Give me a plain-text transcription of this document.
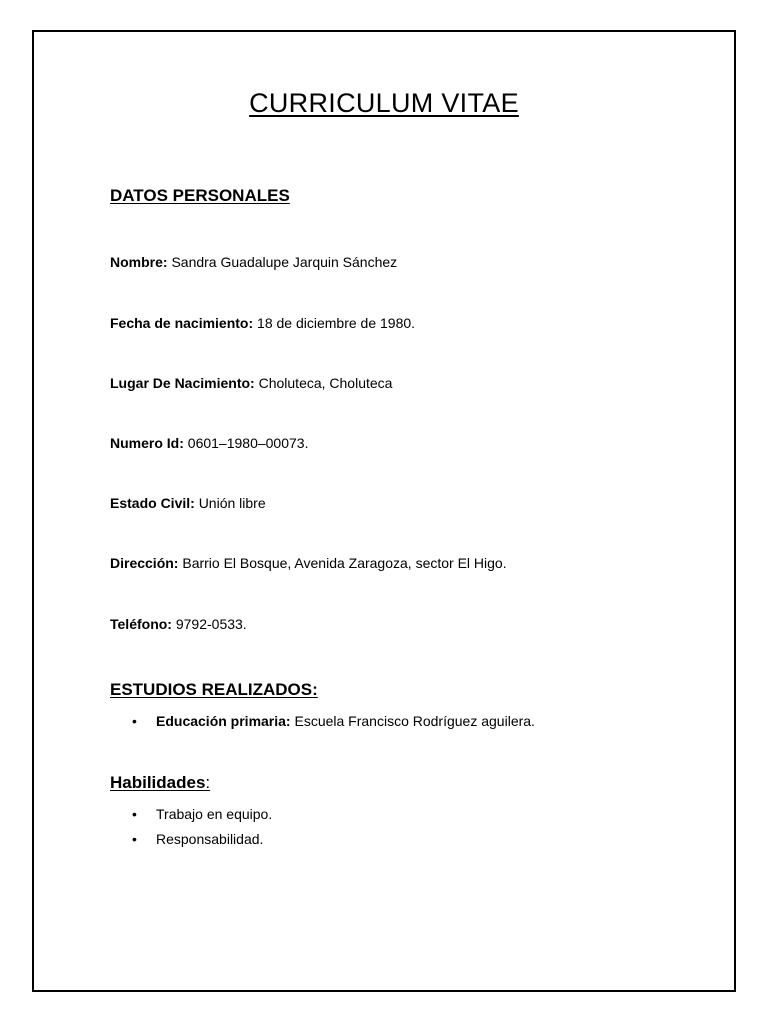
CURRICULUM VITAE
DATOS PERSONALES
Nombre: Sandra Guadalupe Jarquin Sánchez
Fecha de nacimiento: 18 de diciembre de 1980.
Lugar De Nacimiento: Choluteca, Choluteca
Numero Id: 0601–1980–00073.
Estado Civil: Unión libre
Dirección: Barrio El Bosque, Avenida Zaragoza, sector El Higo.
Teléfono: 9792-0533.
ESTUDIOS REALIZADOS:
• Educación primaria: Escuela Francisco Rodríguez aguilera.
Habilidades:
• Trabajo en equipo.
• Responsabilidad.
